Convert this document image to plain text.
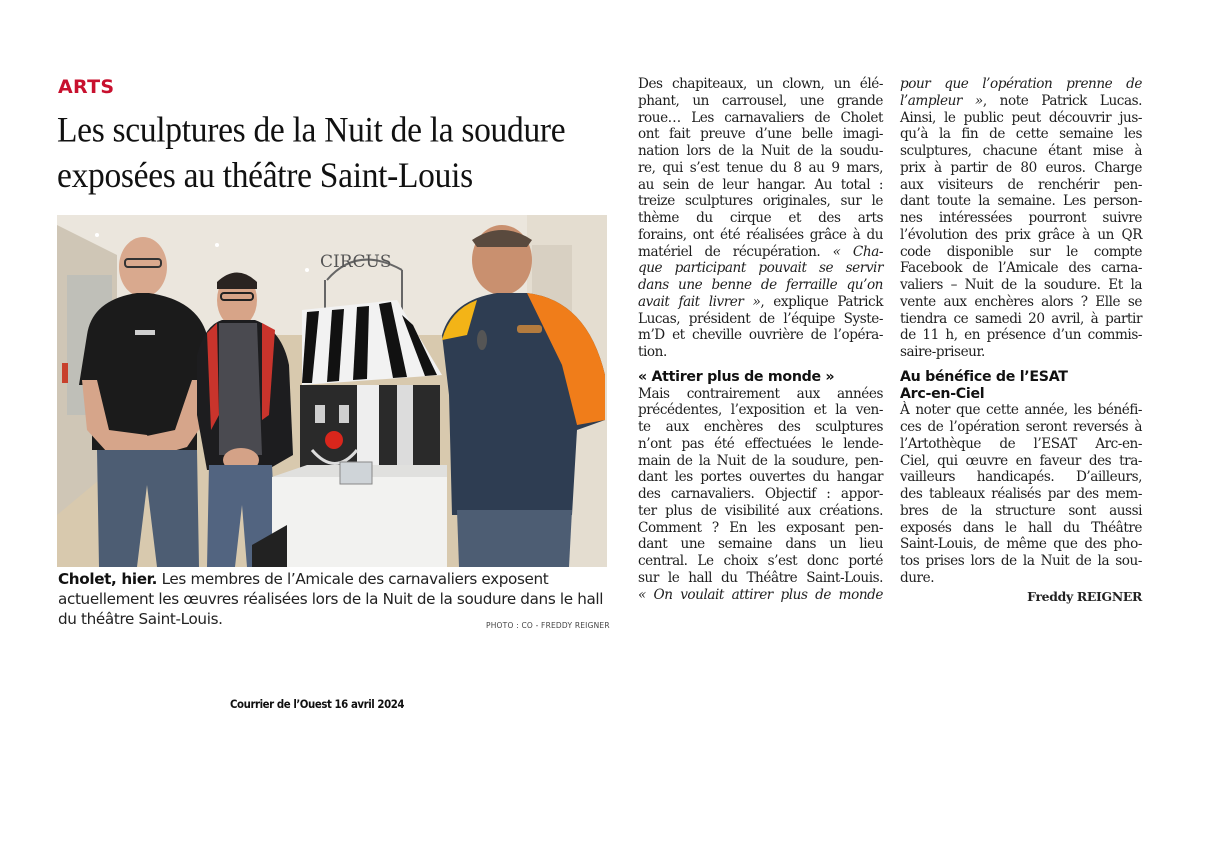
ARTS
Les sculptures de la Nuit de la soudure
exposées au théâtre Saint-Louis
CIRCUS
Cholet, hier. Les membres de l’Amicale des carnavaliers exposent actuellement les œuvres réalisées lors de la Nuit de la soudure dans le hall du théâtre Saint-Louis.	PHOTO : CO - FREDDY REIGNER
Courrier de l’Ouest 16 avril 2024

Des chapiteaux, un clown, un élé-
phant, un carrousel, une grande
roue… Les carnavaliers de Cholet
ont fait preuve d’une belle imagi-
nation lors de la Nuit de la soudu-
re, qui s’est tenue du 8 au 9 mars,
au sein de leur hangar. Au total :
treize sculptures originales, sur le
thème du cirque et des arts
forains, ont été réalisées grâce à du
matériel de récupération. « Cha-
que participant pouvait se servir
dans une benne de ferraille qu’on
avait fait livrer », explique Patrick
Lucas, président de l’équipe Syste-
m’D et cheville ouvrière de l’opéra-
tion.

« Attirer plus de monde »

Mais contrairement aux années
précédentes, l’exposition et la ven-
te aux enchères des sculptures
n’ont pas été effectuées le lende-
main de la Nuit de la soudure, pen-
dant les portes ouvertes du hangar
des carnavaliers. Objectif : appor-
ter plus de visibilité aux créations.
Comment ? En les exposant pen-
dant une semaine dans un lieu
central. Le choix s’est donc porté
sur le hall du Théâtre Saint-Louis.
« On voulait attirer plus de monde

pour que l’opération prenne de
l’ampleur », note Patrick Lucas.
Ainsi, le public peut découvrir jus-
qu’à la fin de cette semaine les
sculptures, chacune étant mise à
prix à partir de 80 euros. Charge
aux visiteurs de renchérir pen-
dant toute la semaine. Les person-
nes intéressées pourront suivre
l’évolution des prix grâce à un QR
code disponible sur le compte
Facebook de l’Amicale des carna-
valiers – Nuit de la soudure. Et la
vente aux enchères alors ? Elle se
tiendra ce samedi 20 avril, à partir
de 11 h, en présence d’un commis-
saire-priseur.

Au bénéfice de l’ESAT
Arc-en-Ciel

À noter que cette année, les bénéfi-
ces de l’opération seront reversés à
l’Artothèque de l’ESAT Arc-en-
Ciel, qui œuvre en faveur des tra-
vailleurs handicapés. D’ailleurs,
des tableaux réalisés par des mem-
bres de la structure sont aussi
exposés dans le hall du Théâtre
Saint-Louis, de même que des pho-
tos prises lors de la Nuit de la sou-
dure.

Freddy REIGNER
